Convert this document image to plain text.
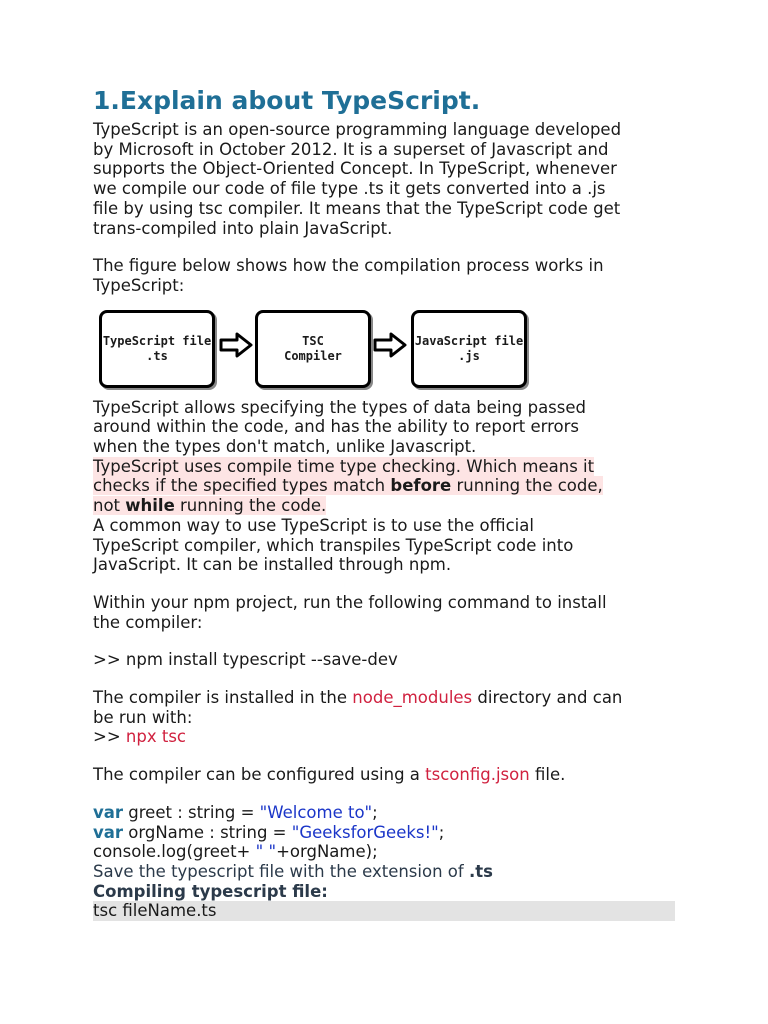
1.Explain about TypeScript.

TypeScript is an open-source programming language developed

by Microsoft in October 2012. It is a superset of Javascript and

supports the Object-Oriented Concept. In TypeScript, whenever

we compile our code of file type .ts it gets converted into a .js

file by using tsc compiler. It means that the TypeScript code get

trans-compiled into plain JavaScript.

The figure below shows how the compilation process works in

TypeScript:

TypeScript file
.ts
TSC
Compiler
JavaScript file
.js

TypeScript allows specifying the types of data being passed

around within the code, and has the ability to report errors

when the types don't match, unlike Javascript.

TypeScript uses compile time type checking. Which means it

checks if the specified types match before running the code,

not while running the code.

A common way to use TypeScript is to use the official

TypeScript compiler, which transpiles TypeScript code into

JavaScript. It can be installed through npm.

Within your npm project, run the following command to install

the compiler:

>> npm install typescript --save-dev

The compiler is installed in the node_modules directory and can

be run with:

>> npx tsc

The compiler can be configured using a tsconfig.json file.

var greet : string = "Welcome to";

var orgName : string = "GeeksforGeeks!";

console.log(greet+ " "+orgName);

Save the typescript file with the extension of .ts

Compiling typescript file:

tsc fileName.ts
